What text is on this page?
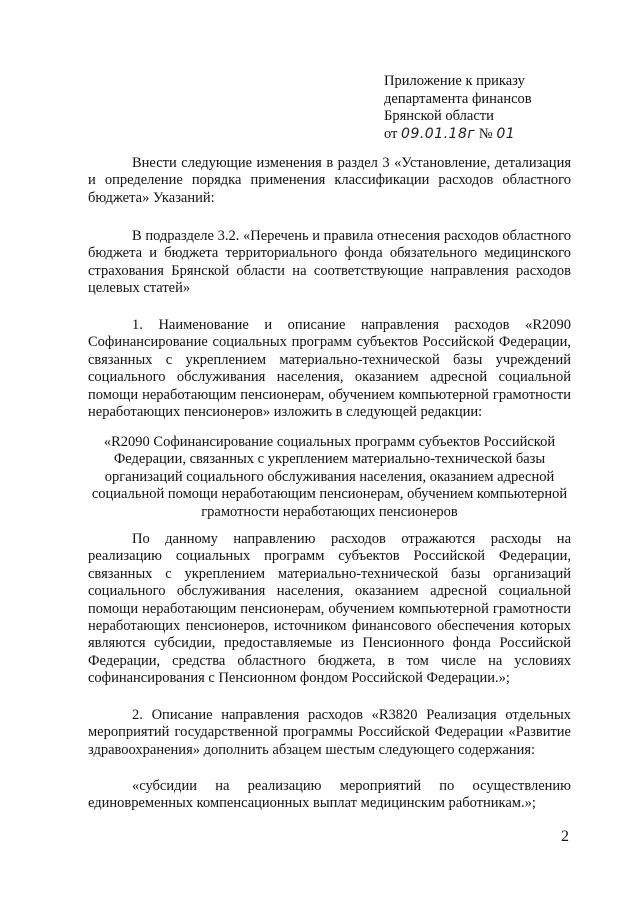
Приложение к приказу
департамента финансов
Брянской области
от 09.01.18г № 01

Внести следующие изменения в раздел 3 «Установление, детализация и определение порядка применения классификации расходов областного бюджета» Указаний:

В подразделе 3.2. «Перечень и правила отнесения расходов областного бюджета и бюджета территориального фонда обязательного медицинского страхования Брянской области на соответствующие направления расходов целевых статей»

1. Наименование и описание направления расходов «R2090 Софинансирование социальных программ субъектов Российской Федерации, связанных с укреплением материально-технической базы учреждений социального обслуживания населения, оказанием адресной социальной помощи неработающим пенсионерам, обучением компьютерной грамотности неработающих пенсионеров» изложить в следующей редакции:

«R2090 Софинансирование социальных программ субъектов Российской
Федерации, связанных с укреплением материально-технической базы
организаций социального обслуживания населения, оказанием адресной
социальной помощи неработающим пенсионерам, обучением компьютерной
грамотности неработающих пенсионеров

По данному направлению расходов отражаются расходы на реализацию социальных программ субъектов Российской Федерации, связанных с укреплением материально-технической базы организаций социального обслуживания населения, оказанием адресной социальной помощи неработающим пенсионерам, обучением компьютерной грамотности неработающих пенсионеров, источником финансового обеспечения которых являются субсидии, предоставляемые из Пенсионного фонда Российской Федерации, средства областного бюджета, в том числе на условиях софинансирования с Пенсионном фондом Российской Федерации.»;

2. Описание направления расходов «R3820 Реализация отдельных мероприятий государственной программы Российской Федерации «Развитие здравоохранения» дополнить абзацем шестым следующего содержания:

«субсидии на реализацию мероприятий по осуществлению единовременных компенсационных выплат медицинским работникам.»;

2
